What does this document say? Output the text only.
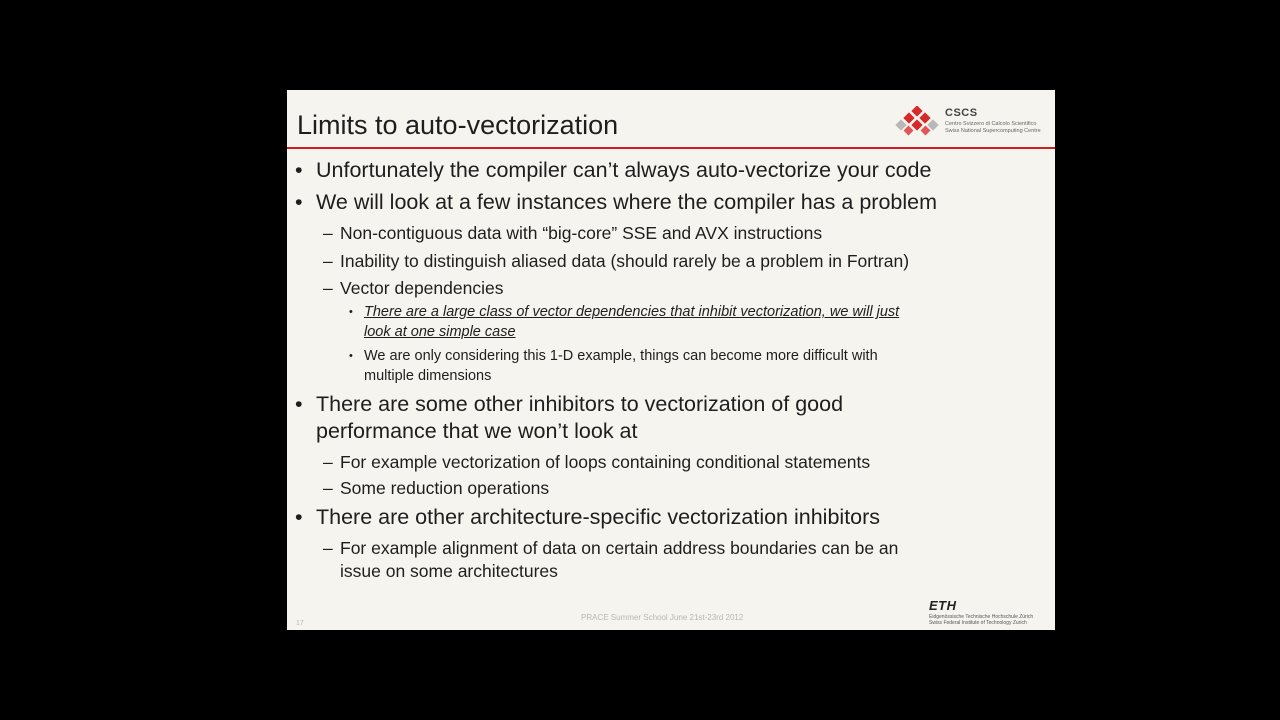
Limits to auto-vectorization	CSCS
Centro Svizzero di Calcolo Scientifico
Swiss National Supercomputing Centre
• Unfortunately the compiler can’t always auto-vectorize your code
• We will look at a few instances where the compiler has a problem
– Non-contiguous data with “big-core” SSE and AVX instructions
– Inability to distinguish aliased data (should rarely be a problem in Fortran)
– Vector dependencies
• There are a large class of vector dependencies that inhibit vectorization, we will just
look at one simple case
• We are only considering this 1-D example, things can become more difficult with
multiple dimensions
• There are some other inhibitors to vectorization of good
performance that we won’t look at
– For example vectorization of loops containing conditional statements
– Some reduction operations
• There are other architecture-specific vectorization inhibitors
– For example alignment of data on certain address boundaries can be an
issue on some architectures
17
PRACE Summer School June 21st-23rd 2012
ETH
Eidgenössische Technische Hochschule Zürich
Swiss Federal Institute of Technology Zurich
